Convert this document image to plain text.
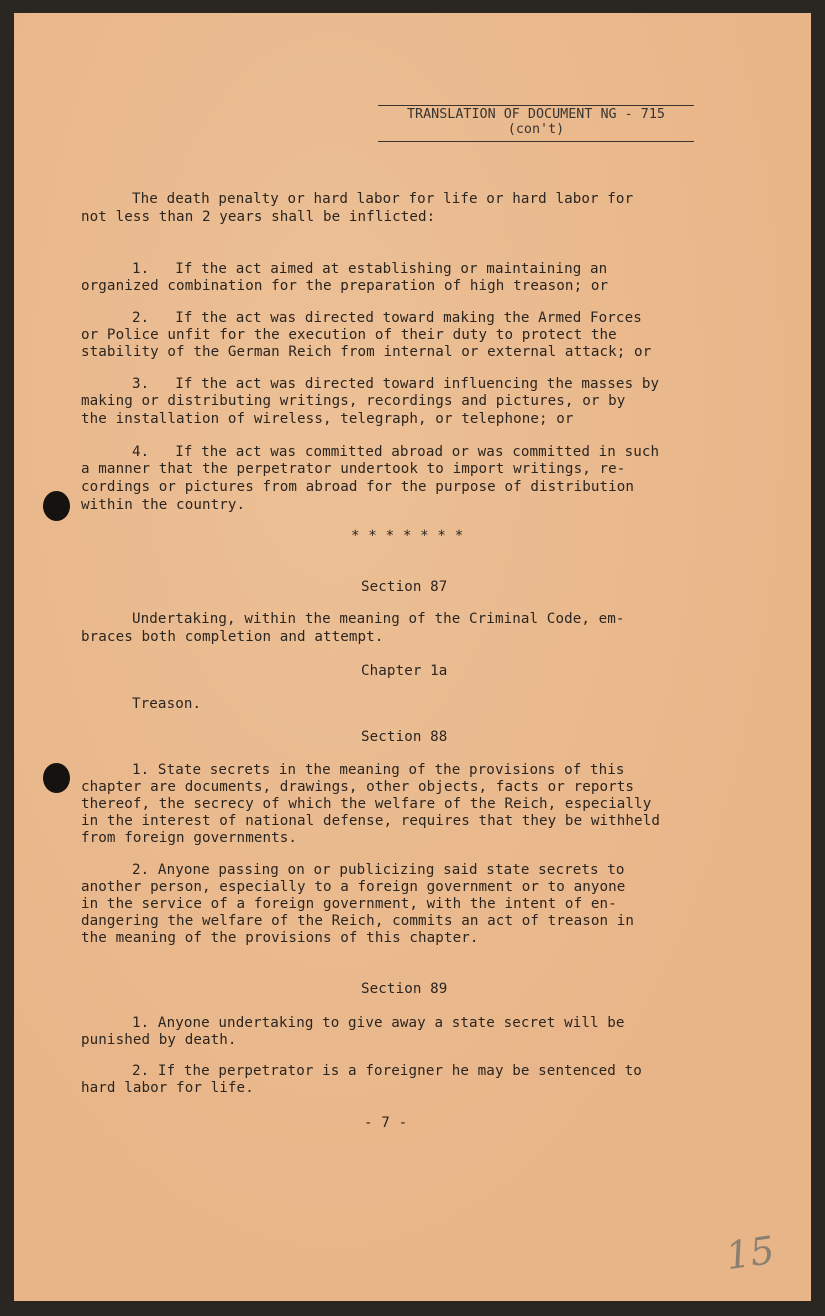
TRANSLATION OF DOCUMENT NG - 715
(con't)
The death penalty or hard labor for life or hard labor for
not less than 2 years shall be inflicted:
1.   If the act aimed at establishing or maintaining an
organized combination for the preparation of high treason; or
2.   If the act was directed toward making the Armed Forces
or Police unfit for the execution of their duty to protect the
stability of the German Reich from internal or external attack; or
3.   If the act was directed toward influencing the masses by
making or distributing writings, recordings and pictures, or by
the installation of wireless, telegraph, or telephone; or
4.   If the act was committed abroad or was committed in such
a manner that the perpetrator undertook to import writings, re-
cordings or pictures from abroad for the purpose of distribution
within the country.
* * * * * * *
Section 87
Undertaking, within the meaning of the Criminal Code, em-
braces both completion and attempt.
Chapter 1a
Treason.
Section 88
1. State secrets in the meaning of the provisions of this
chapter are documents, drawings, other objects, facts or reports
thereof, the secrecy of which the welfare of the Reich, especially
in the interest of national defense, requires that they be withheld
from foreign governments.
2. Anyone passing on or publicizing said state secrets to
another person, especially to a foreign government or to anyone
in the service of a foreign government, with the intent of en-
dangering the welfare of the Reich, commits an act of treason in
the meaning of the provisions of this chapter.
Section 89
1. Anyone undertaking to give away a state secret will be
punished by death.
2. If the perpetrator is a foreigner he may be sentenced to
hard labor for life.
- 7 -
15
